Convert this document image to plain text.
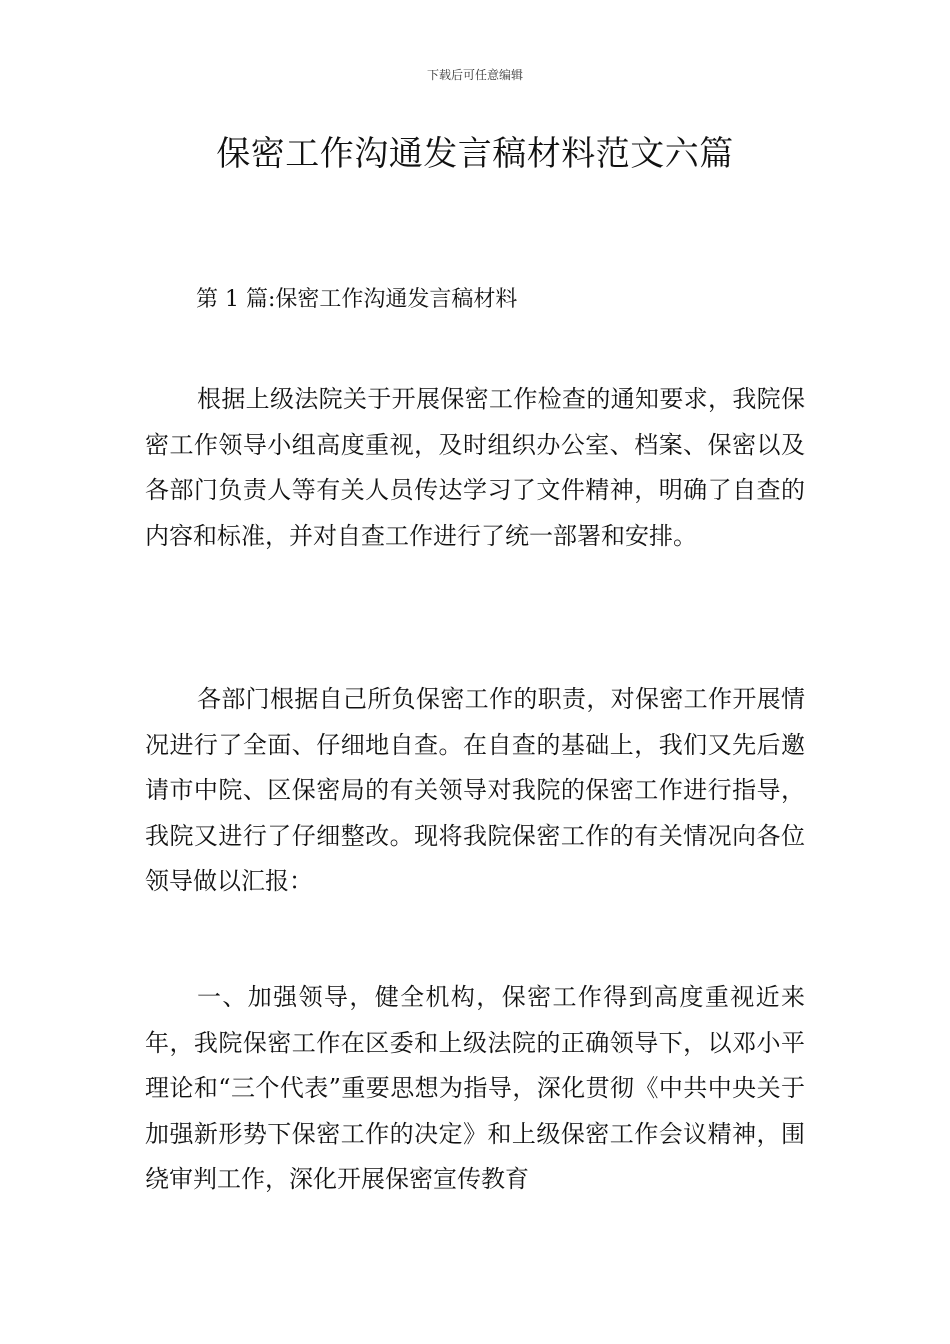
下载后可任意编辑
保密工作沟通发言稿材料范文六篇
第 1 篇:保密工作沟通发言稿材料

根据上级法院关于开展保密工作检查的通知要求，我院保密工作领导小组高度重视，及时组织办公室、档案、保密以及各部门负责人等有关人员传达学习了文件精神，明确了自查的内容和标准，并对自查工作进行了统一部署和安排。

各部门根据自己所负保密工作的职责，对保密工作开展情况进行了全面、仔细地自查。在自查的基础上，我们又先后邀请市中院、区保密局的有关领导对我院的保密工作进行指导，我院又进行了仔细整改。现将我院保密工作的有关情况向各位领导做以汇报：

一、加强领导，健全机构，保密工作得到高度重视近来年，我院保密工作在区委和上级法院的正确领导下，以邓小平理论和“三个代表”重要思想为指导，深化贯彻《中共中央关于加强新形势下保密工作的决定》和上级保密工作会议精神，围绕审判工作，深化开展保密宣传教育
